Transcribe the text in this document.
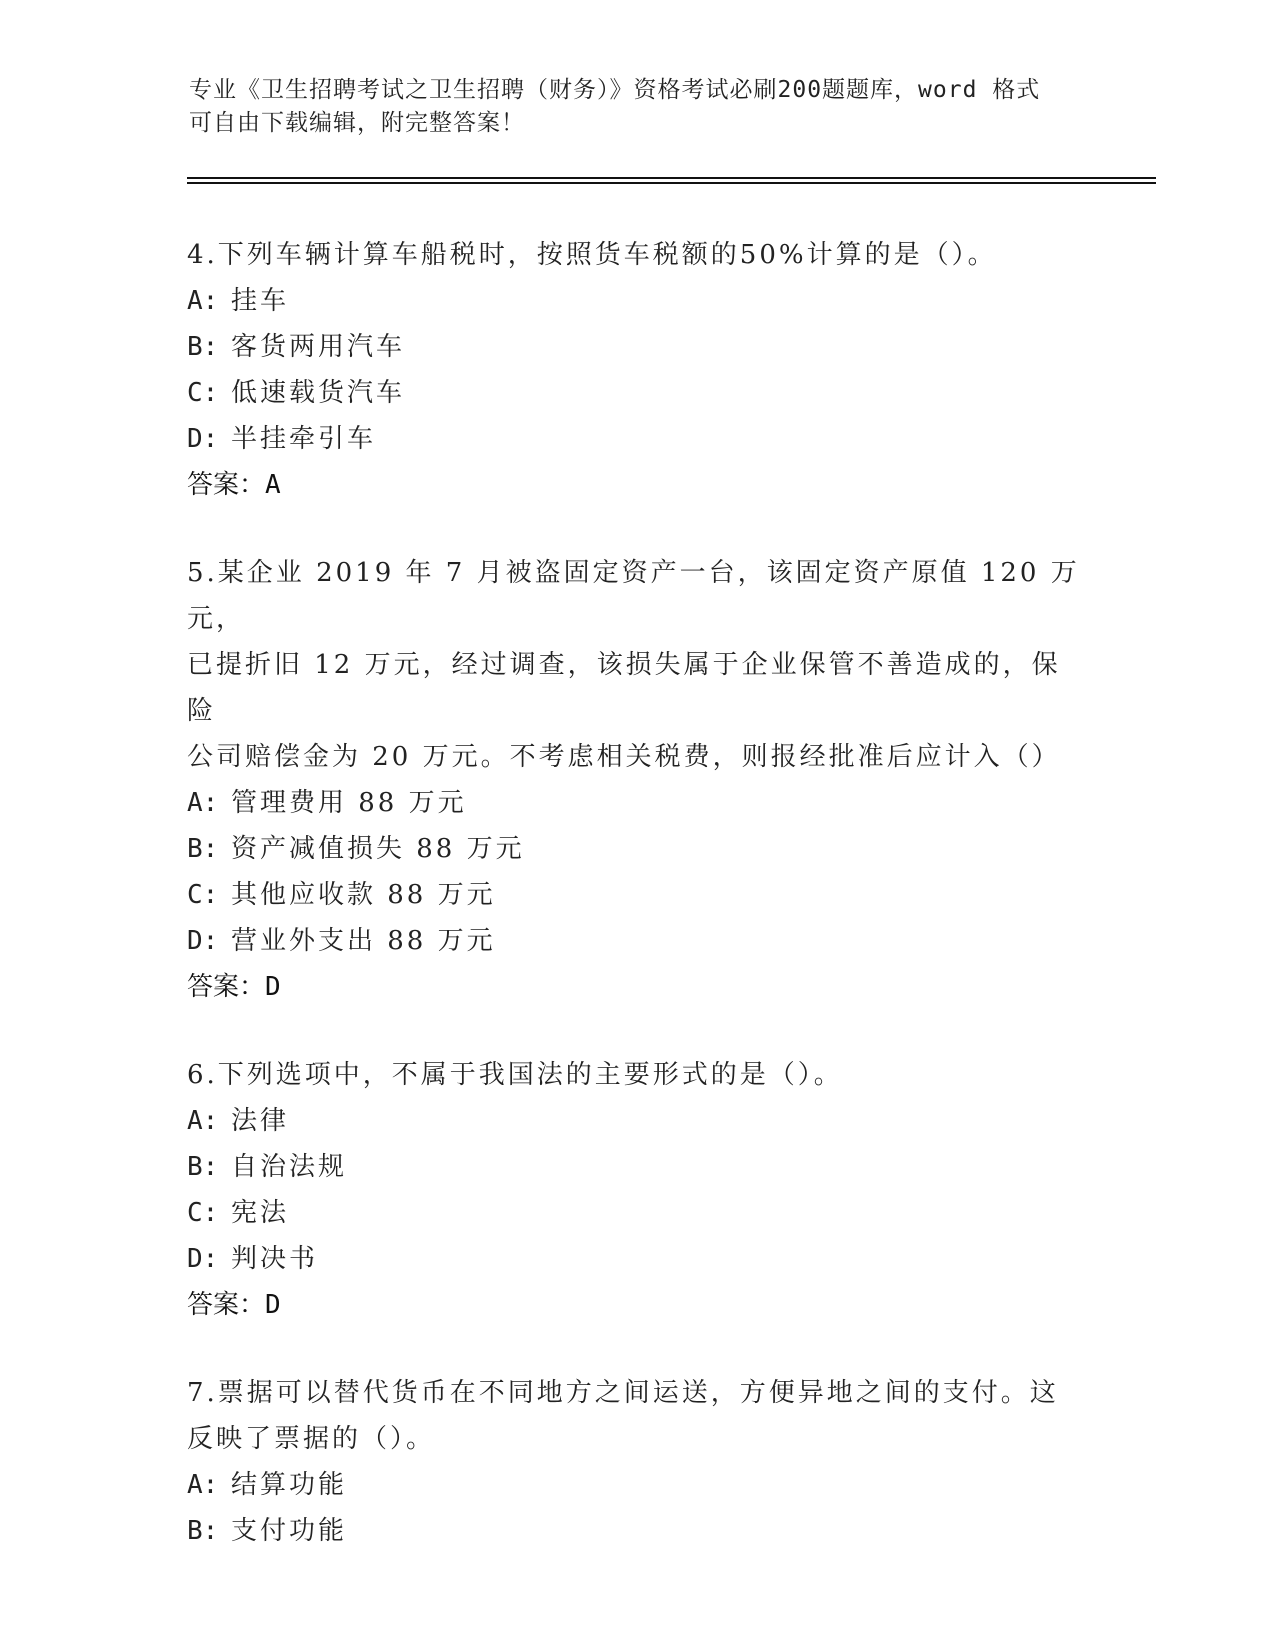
专业《卫生招聘考试之卫生招聘（财务）》资格考试必刷200题题库，word 格式
可自由下载编辑，附完整答案！

4.下列车辆计算车船税时，按照货车税额的50%计算的是（）。

A: 挂车

B: 客货两用汽车

C: 低速载货汽车

D: 半挂牵引车

答案：A

5.某企业 2019 年 7 月被盗固定资产一台，该固定资产原值 120 万元，

已提折旧 12 万元，经过调查，该损失属于企业保管不善造成的，保险

公司赔偿金为 20 万元。不考虑相关税费，则报经批准后应计入（）

A: 管理费用 88 万元

B: 资产减值损失 88 万元

C: 其他应收款 88 万元

D: 营业外支出 88 万元

答案：D

6.下列选项中，不属于我国法的主要形式的是（）。

A: 法律

B: 自治法规

C: 宪法

D: 判决书

答案：D

7.票据可以替代货币在不同地方之间运送，方便异地之间的支付。这

反映了票据的（）。

A: 结算功能

B: 支付功能
